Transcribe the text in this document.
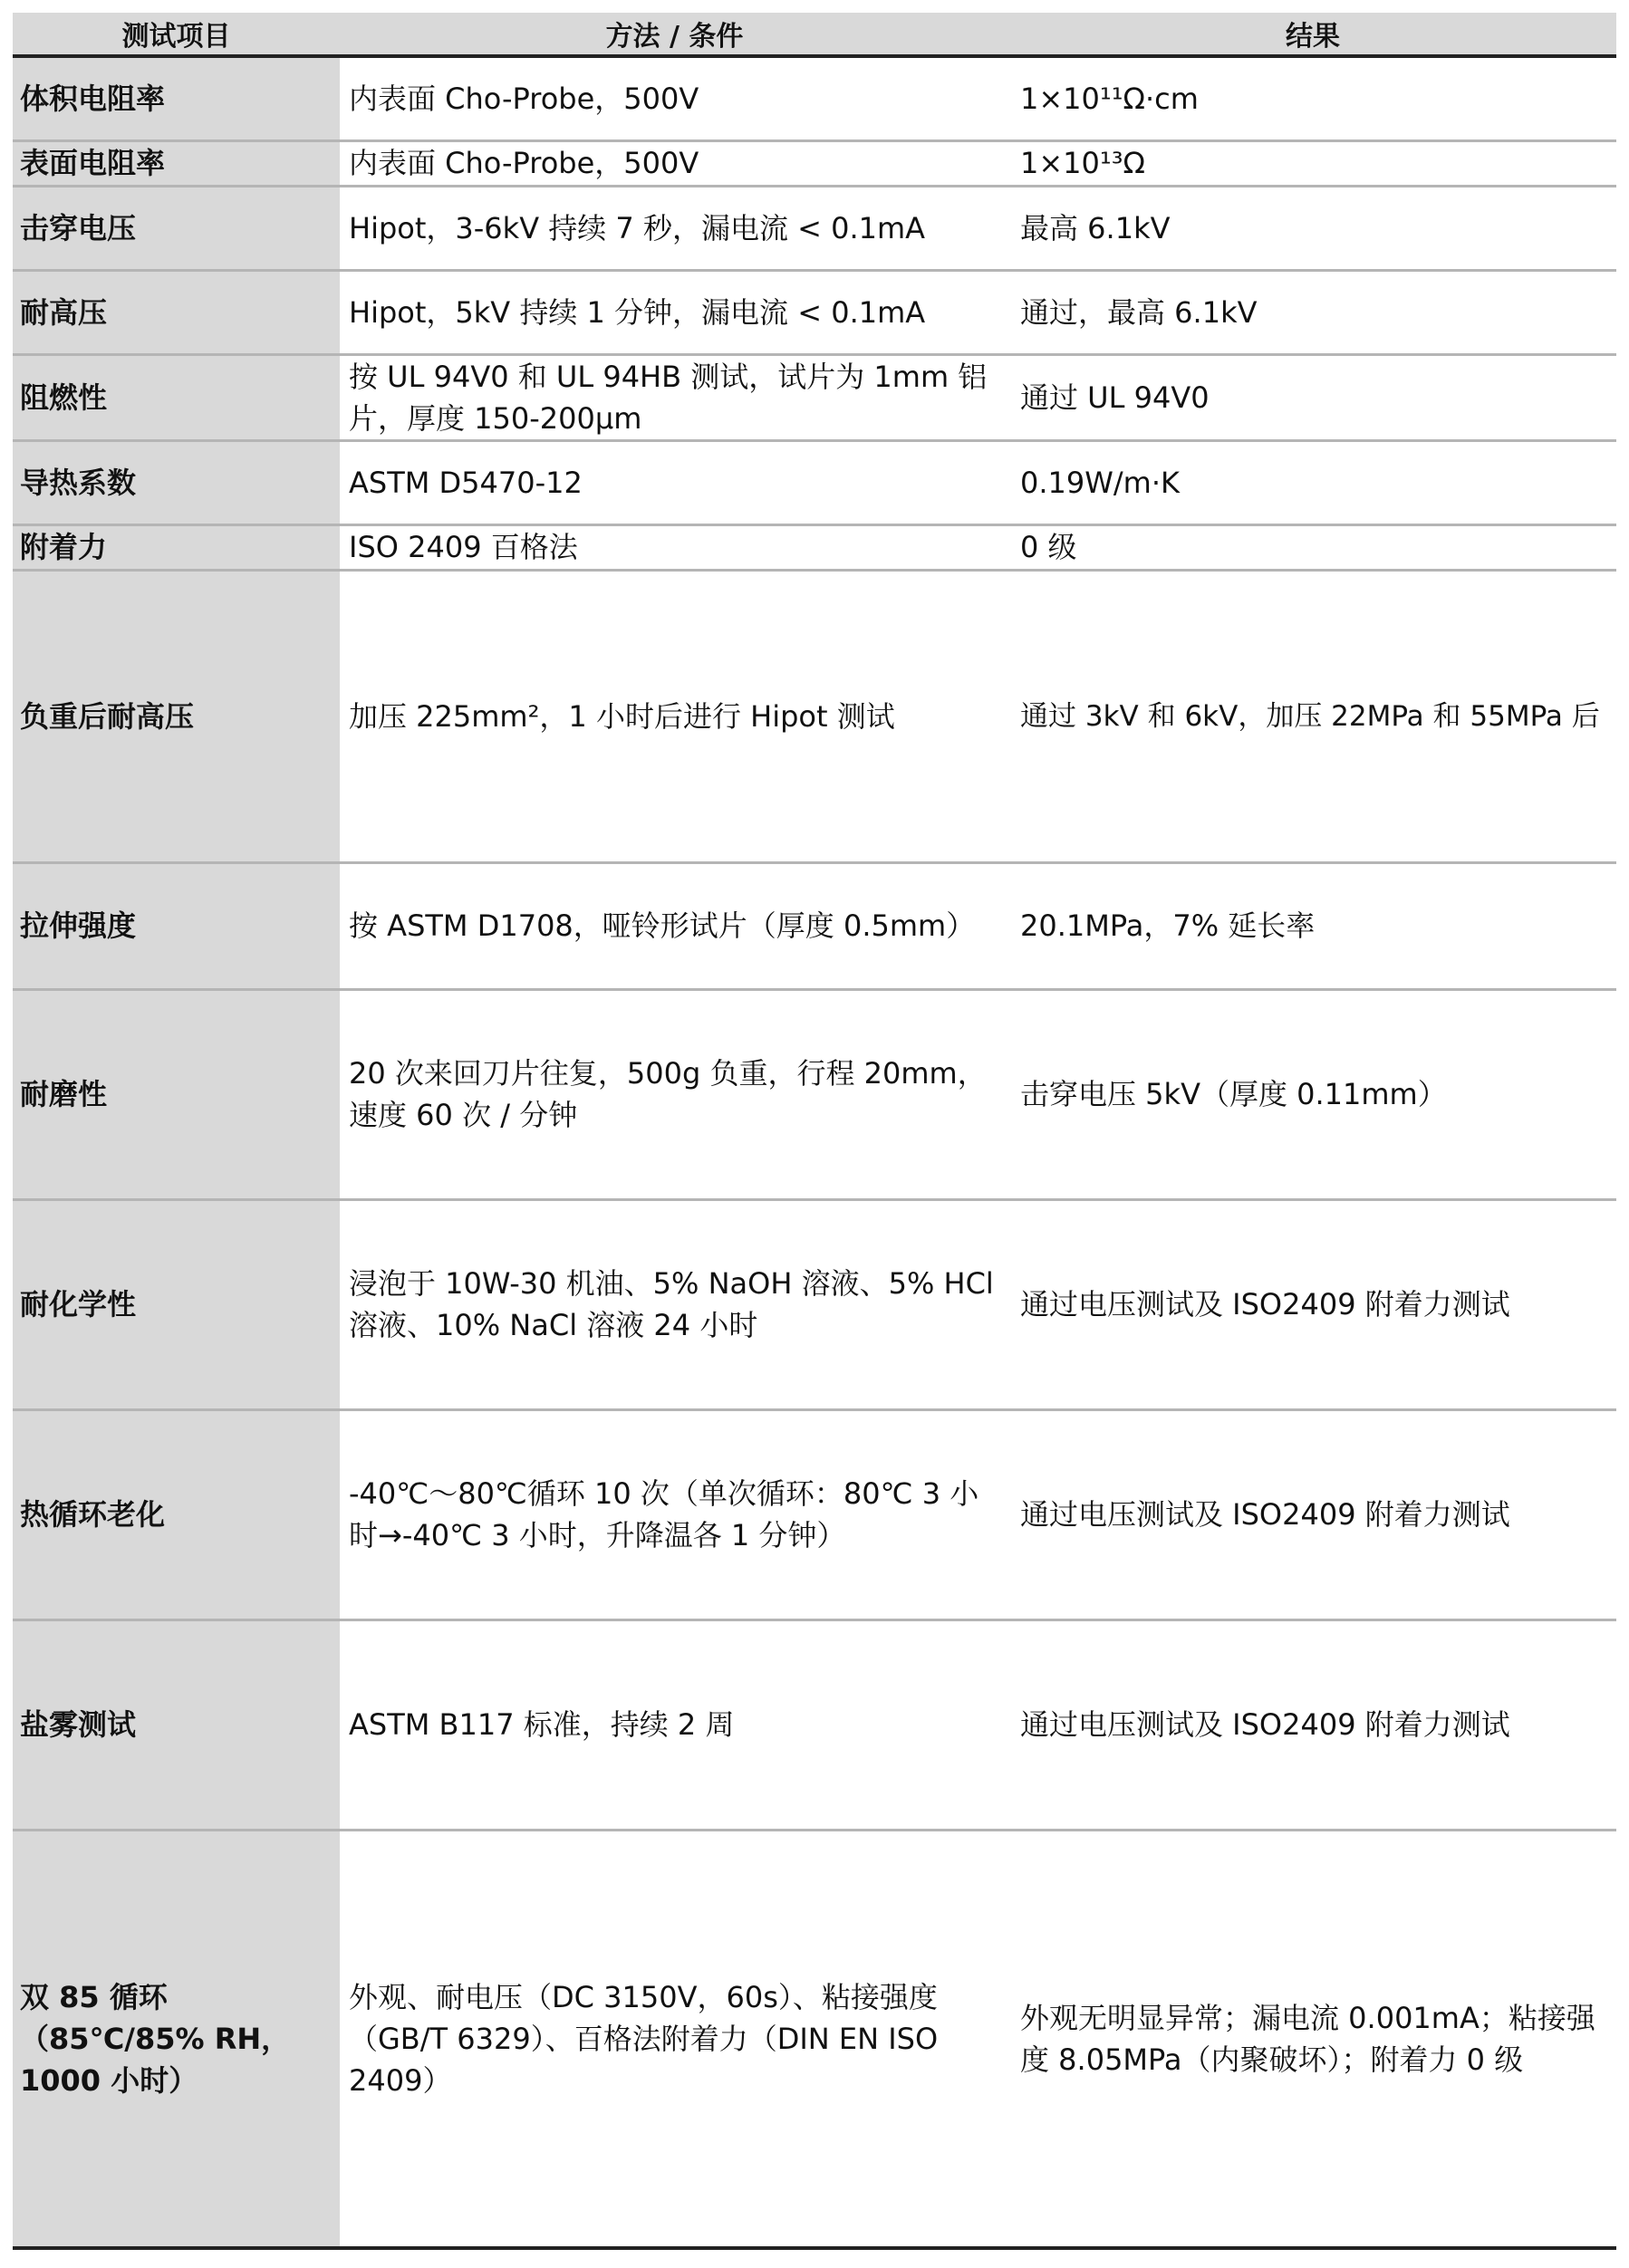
测试项目	方法 / 条件	结果
体积电阻率	内表面 Cho-Probe，500V	1×10¹¹Ω·cm
表面电阻率	内表面 Cho-Probe，500V	1×10¹³Ω
击穿电压	Hipot，3-6kV 持续 7 秒，漏电流 < 0.1mA	最高 6.1kV
耐高压	Hipot，5kV 持续 1 分钟，漏电流 < 0.1mA	通过，最高 6.1kV
阻燃性	按 UL 94V0 和 UL 94HB 测试，试片为 1mm 铝片，厚度 150-200μm	通过 UL 94V0
导热系数	ASTM D5470-12	0.19W/m·K
附着力	ISO 2409 百格法	0 级
负重后耐高压	加压 225mm²，1 小时后进行 Hipot 测试	通过 3kV 和 6kV，加压 22MPa 和 55MPa 后
拉伸强度	按 ASTM D1708，哑铃形试片（厚度 0.5mm）	20.1MPa，7% 延长率
耐磨性	20 次来回刀片往复，500g 负重，行程 20mm，速度 60 次 / 分钟	击穿电压 5kV（厚度 0.11mm）
耐化学性	浸泡于 10W-30 机油、5% NaOH 溶液、5% HCl 溶液、10% NaCl 溶液 24 小时	通过电压测试及 ISO2409 附着力测试
热循环老化	-40℃～80℃循环 10 次（单次循环：80℃ 3 小时→-40℃ 3 小时，升降温各 1 分钟）	通过电压测试及 ISO2409 附着力测试
盐雾测试	ASTM B117 标准，持续 2 周	通过电压测试及 ISO2409 附着力测试
双 85 循环（85℃/85% RH，1000 小时）	外观、耐电压（DC 3150V，60s）、粘接强度（GB/T 6329）、百格法附着力（DIN EN ISO 2409）	外观无明显异常；漏电流 0.001mA；粘接强度 8.05MPa（内聚破坏）；附着力 0 级
